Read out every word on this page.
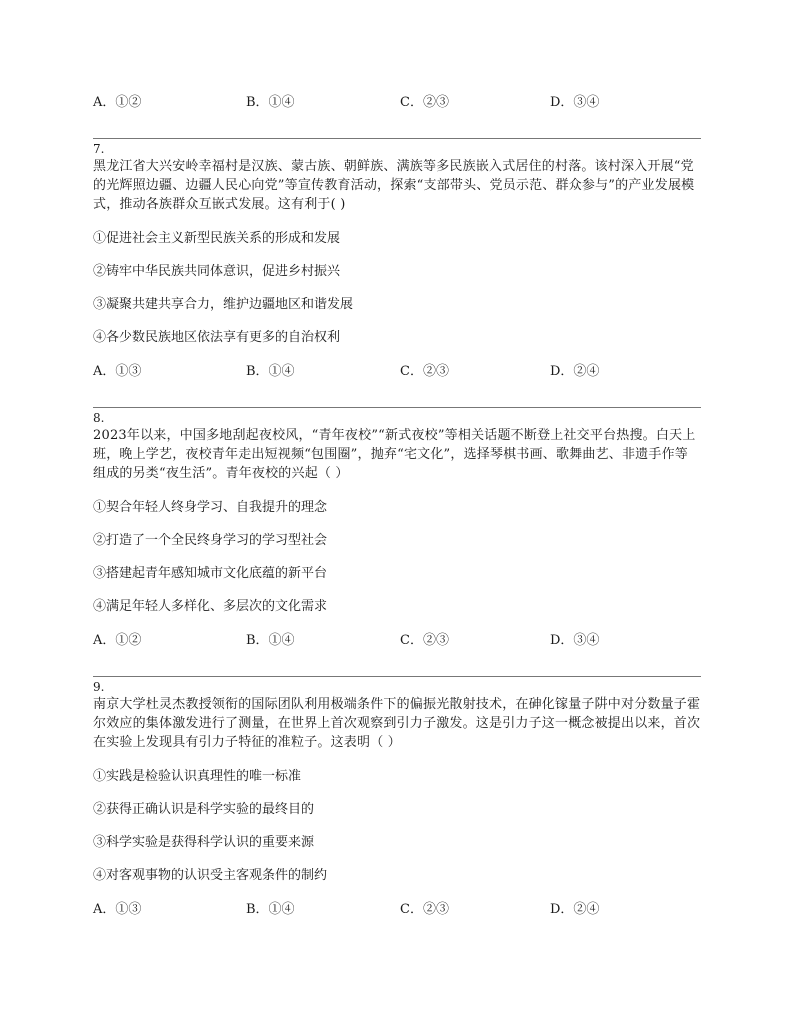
A．①②	B．①④	C．②③	D．③④
7.
黑龙江省大兴安岭幸福村是汉族、蒙古族、朝鲜族、满族等多民族嵌入式居住的村落。该村深入开展“党的光辉照边疆、边疆人民心向党”等宣传教育活动，探索“支部带头、党员示范、群众参与”的产业发展模式，推动各族群众互嵌式发展。这有利于( )
①促进社会主义新型民族关系的形成和发展
②铸牢中华民族共同体意识，促进乡村振兴
③凝聚共建共享合力，维护边疆地区和谐发展
④各少数民族地区依法享有更多的自治权利
A．①③	B．①④	C．②③	D．②④
8.
2023年以来，中国多地刮起夜校风，“青年夜校”“新式夜校”等相关话题不断登上社交平台热搜。白天上班，晚上学艺，夜校青年走出短视频“包围圈”，抛弃“宅文化”，选择琴棋书画、歌舞曲艺、非遗手作等组成的另类“夜生活”。青年夜校的兴起（ ）
①契合年轻人终身学习、自我提升的理念
②打造了一个全民终身学习的学习型社会
③搭建起青年感知城市文化底蕴的新平台
④满足年轻人多样化、多层次的文化需求
A．①②	B．①④	C．②③	D．③④
9.
南京大学杜灵杰教授领衔的国际团队利用极端条件下的偏振光散射技术，在砷化镓量子阱中对分数量子霍尔效应的集体激发进行了测量，在世界上首次观察到引力子激发。这是引力子这一概念被提出以来，首次在实验上发现具有引力子特征的准粒子。这表明（ ）
①实践是检验认识真理性的唯一标准
②获得正确认识是科学实验的最终目的
③科学实验是获得科学认识的重要来源
④对客观事物的认识受主客观条件的制约
A．①③	B．①④	C．②③	D．②④
